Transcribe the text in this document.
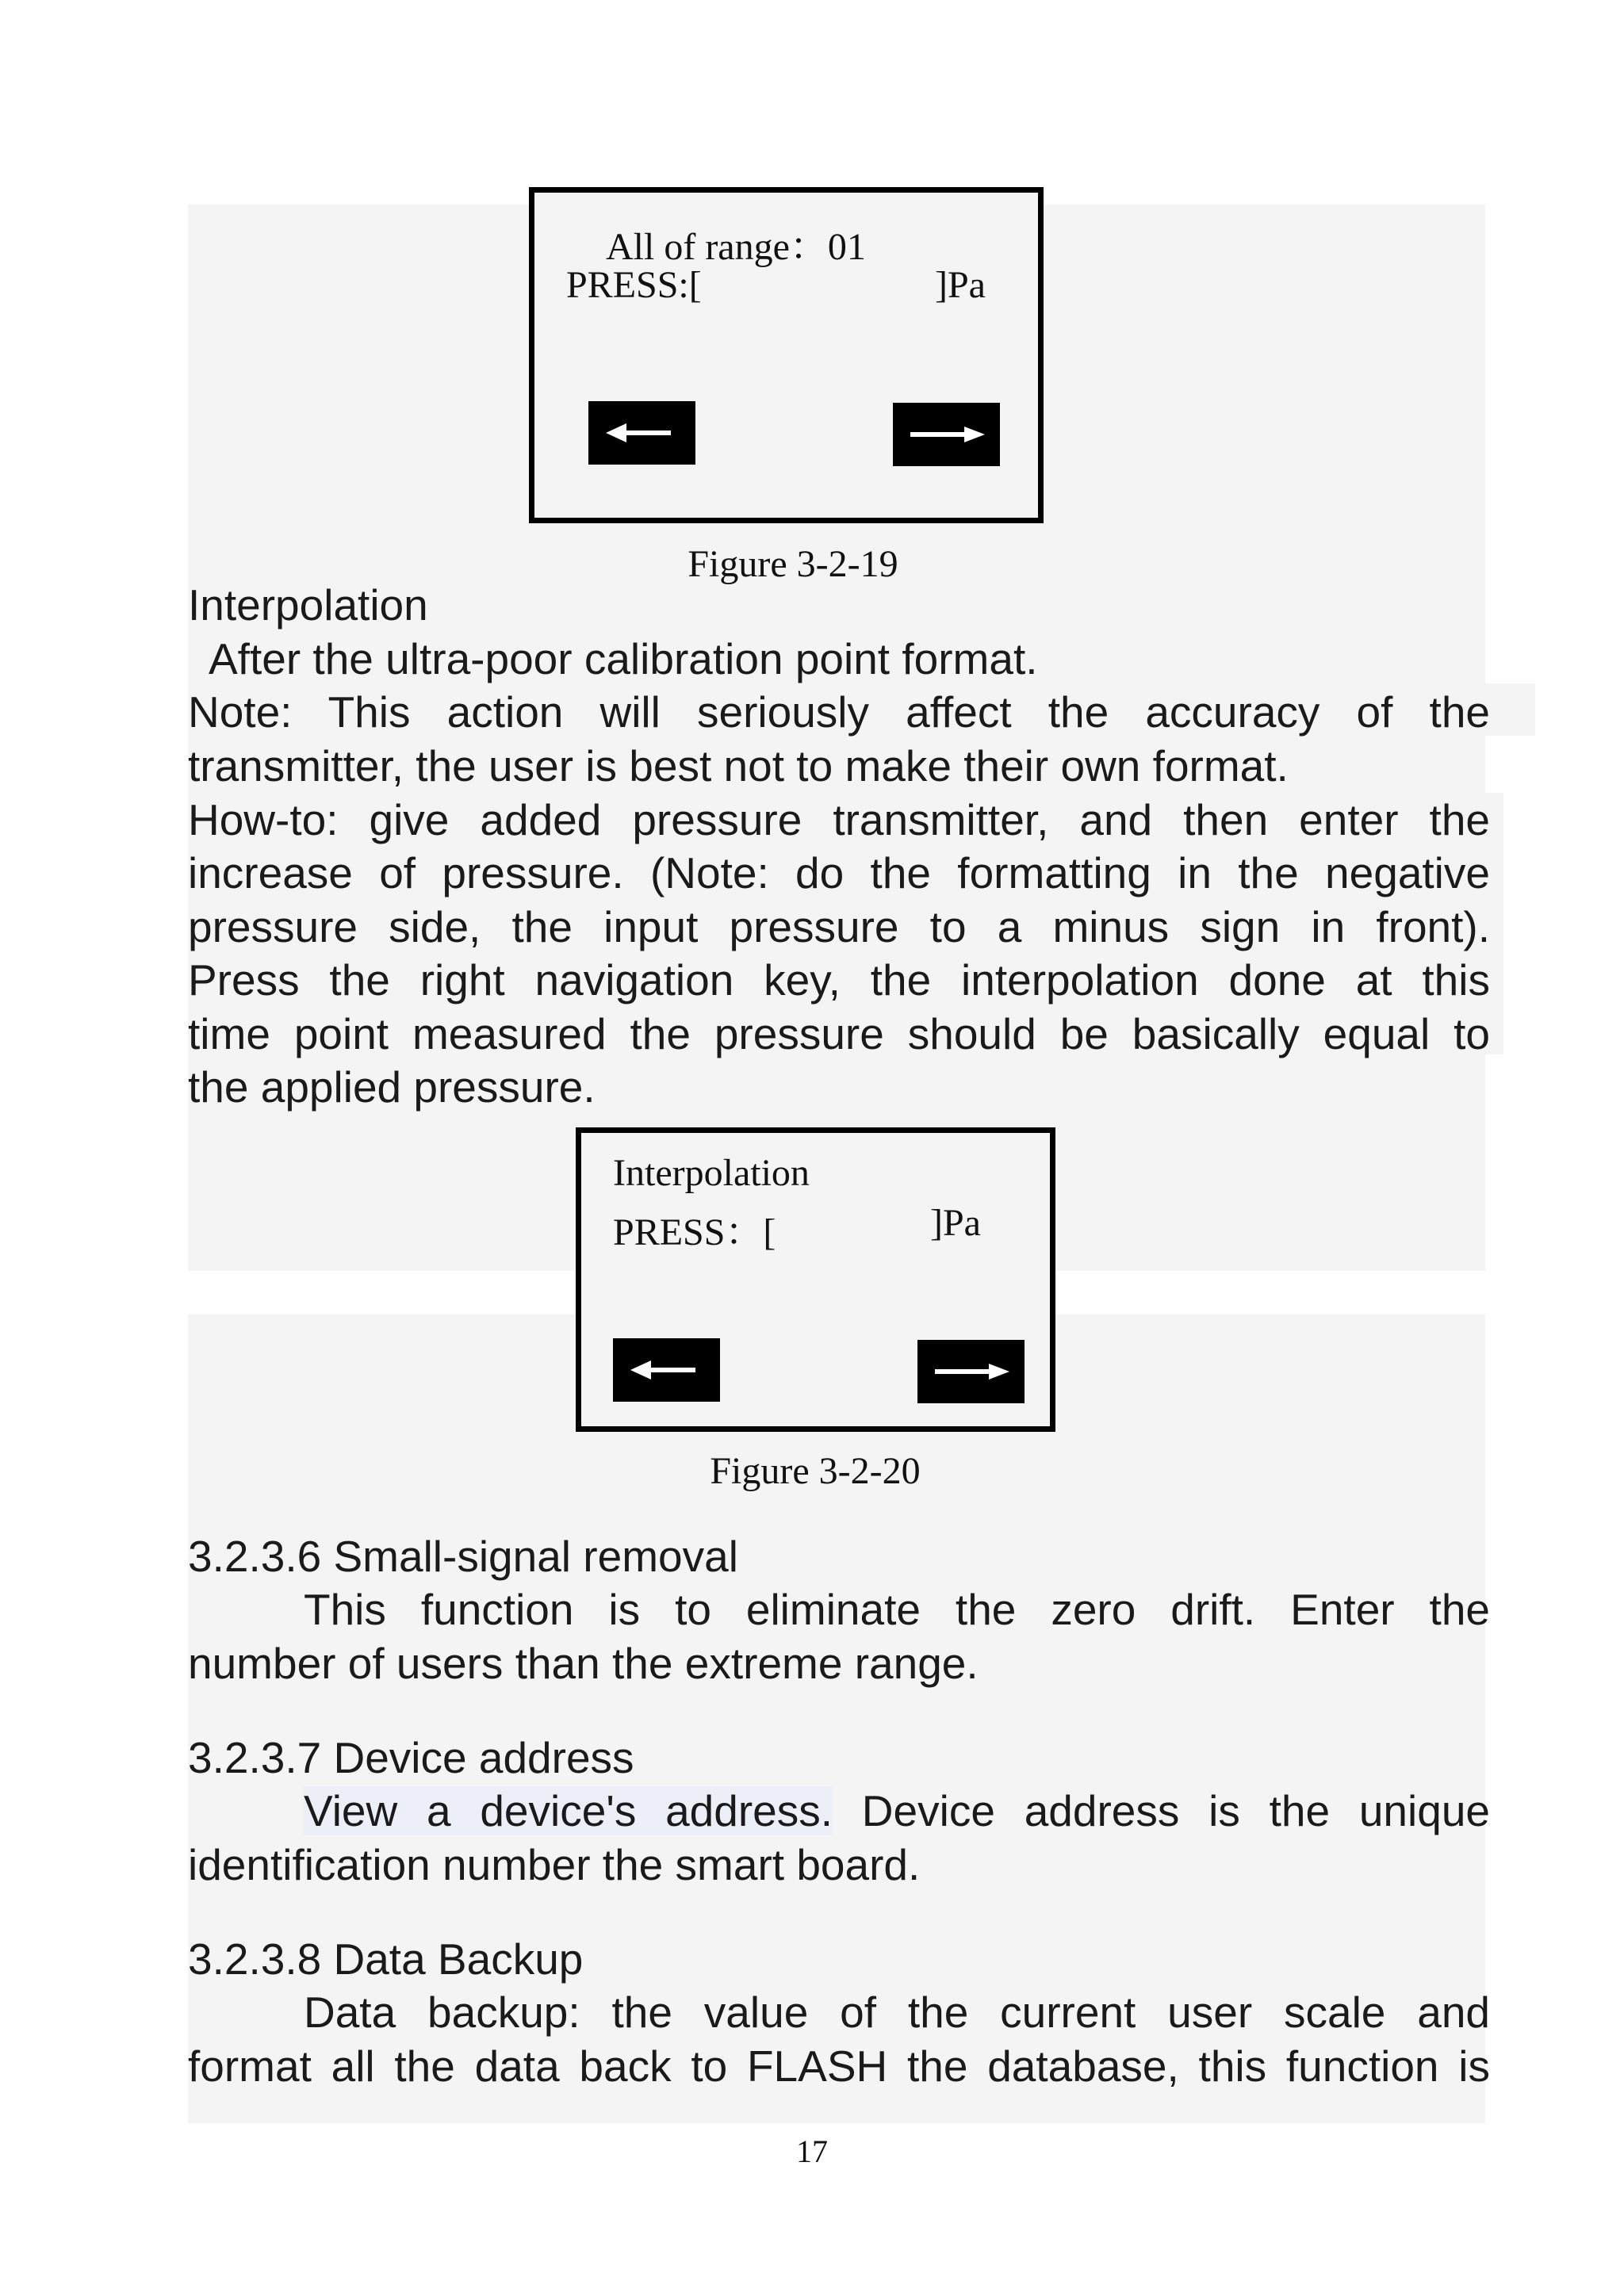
All of range：01
PRESS:[	]Pa
Figure 3-2-19

Interpolation

After the ultra-poor calibration point format.

Note: This action will seriously affect the accuracy of the

transmitter, the user is best not to make their own format.

How-to: give added pressure transmitter, and then enter the

increase of pressure. (Note: do the formatting in the negative

pressure side, the input pressure to a minus sign in front).

Press the right navigation key, the interpolation done at this

time point measured the pressure should be basically equal to

the applied pressure.

Interpolation
PRESS：[	]Pa
Figure 3-2-20

3.2.3.6 Small-signal removal

This function is to eliminate the zero drift. Enter the

number of users than the extreme range.

3.2.3.7 Device address

View a device's address. Device address is the unique

identification number the smart board.

3.2.3.8 Data Backup

Data backup: the value of the current user scale and

format all the data back to FLASH the database, this function is

17
